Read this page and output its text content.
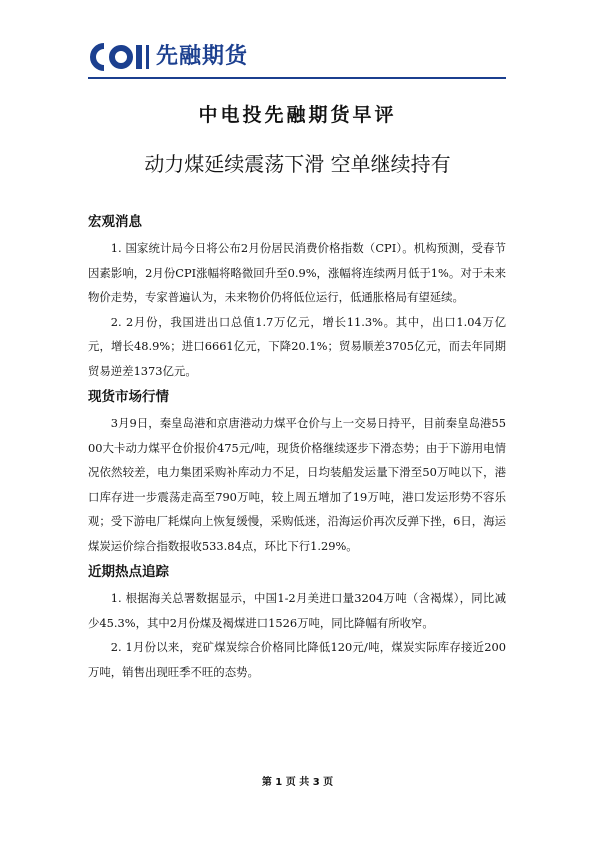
先融期货
中电投先融期货早评
动力煤延续震荡下滑 空单继续持有
宏观消息

1. 国家统计局今日将公布2月份居民消费价格指数（CPI）。机构预测，受春节因素影响，2月份CPI涨幅将略微回升至0.9%，涨幅将连续两月低于1%。对于未来物价走势，专家普遍认为，未来物价仍将低位运行，低通胀格局有望延续。

2. 2月份，我国进出口总值1.7万亿元，增长11.3%。其中，出口1.04万亿元，增长48.9%；进口6661亿元，下降20.1%；贸易顺差3705亿元，而去年同期贸易逆差1373亿元。

现货市场行情

3月9日，秦皇岛港和京唐港动力煤平仓价与上一交易日持平，目前秦皇岛港5500大卡动力煤平仓价报价475元/吨，现货价格继续逐步下滑态势；由于下游用电情况依然较差，电力集团采购补库动力不足，日均装船发运量下滑至50万吨以下，港口库存进一步震荡走高至790万吨，较上周五增加了19万吨，港口发运形势不容乐观；受下游电厂耗煤向上恢复缓慢，采购低迷，沿海运价再次反弹下挫，6日，海运煤炭运价综合指数报收533.84点，环比下行1.29%。

近期热点追踪

1. 根据海关总署数据显示，中国1-2月美进口量3204万吨（含褐煤），同比减少45.3%，其中2月份煤及褐煤进口1526万吨，同比降幅有所收窄。

2. 1月份以来，兖矿煤炭综合价格同比降低120元/吨，煤炭实际库存接近200万吨，销售出现旺季不旺的态势。

第 1 页 共 3 页
